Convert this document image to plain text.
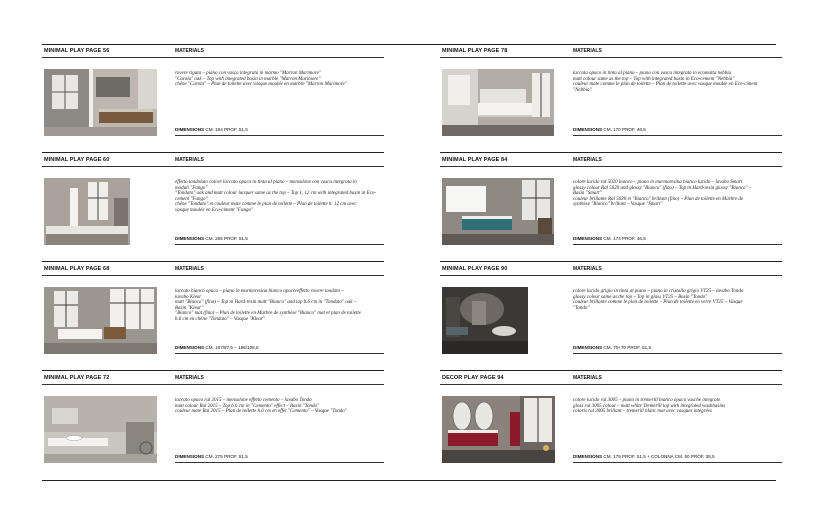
MINIMAL PLAY PAGE 56	MATERIALS
rovere rigata – piano con vasca integrata in marmo "Marron Marimore"
"Carola" oak – Top with integrated basin in marble "Marron Marimore"
chêne "Carola" – Plan de toilette avec vasque moulée en marbre "Marron Marimore"
DIMENSIONS CM. 194 PROF. 51,5
MINIMAL PLAY PAGE 60	MATERIALS
effetto tondolato colore laccato opaco in tinta al piano – mensolone con vasca integrata in
moduli "Fango"
"Tondato" oak and matt colour lacquer same as the top – Top 1, 12 cm with integrated basin in Eco-
cement "Fango"
chêne "Tondato" et couleur mate comme le plan de toilette – Plan de toilette h. 12 cm avec
vasque moulée en Eco-ciment "Fango"
DIMENSIONS CM. 265 PROF. 51,5
MINIMAL PLAY PAGE 68	MATERIALS
laccato bianco opaco – piano in marmoresina bianco opaco/effetto rovere tondato –
lavabo Klear
matt "Bianco" (fino) – Top in Hard-resin matt "Bianco" and top h.6 cm in "Tondato" oak –
Basin "Klear"
"Bianco" mat (fino) – Plan de toilette en Marbre de synthèse "Bianco" mat et plan de toilette
h.6 cm en chêne "Tondato" – Vasque "Klear"
DIMENSIONS CM. 167/87,5 – 195/108,5
MINIMAL PLAY PAGE 72	MATERIALS
laccato opaco ral 2015 – mensolone effetto cemento – lavabo Tondo
matt colour Ral 2015 – Top h.6 cm in "Cemento" effect – Basin "Tondo"
couleur mate Ral 2015 – Plan de toilette h.6 cm en effet "Cemento" – Vasque "Tondo"
DIMENSIONS CM. 275 PROF. 51,5
MINIMAL PLAY PAGE 78	MATERIALS
laccato opaco in tinta al piano – piano con vasca integrata in ecomalta nebbia
matt colour same as the top – Top with integrated basin in Eco-cement "Nebbia"
couleur mate comme le plan de toilette – Plan de toilette avec vasque moulée en Eco-ciment
"Nebbia"
DIMENSIONS CM. 170 PROF. 46,5
MINIMAL PLAY PAGE 84	MATERIALS
colore lucido ral 5020 bianco – piano in marmoresina bianco lucido – lavabo Smart
glossy colour Ral 5020 and glossy "Bianco" (fino) – Top in Hard-resin glossy "Bianco" –
Basin "Smart"
couleur brillante Ral 5020 et "Bianco" brillant (fino) – Plan de toilette en Marbre de
synthèse "Bianco" brillant – Vasque "Smart"
DIMENSIONS CM. 174 PROF. 46,5
MINIMAL PLAY PAGE 90	MATERIALS
colore lucido grigio in tinta al piano – piano in cristallo grigio VT25 – lavabo Tondo
glossy colour same as the top – Top in glass VT25 – Basin "Tondo"
couleur brillante comme le plan de toilette – Plan de toilette en verre VT25 – Vasque
"Tondo"
DIMENSIONS CM. 70+70 PROF. 51,5
DECOR PLAY PAGE 94	MATERIALS
colore lucido ral 3005 – piano in tremerill bianco opaco vasche integrate
gloss ral 3005 colour – matt white Tremerill top with integrated washbasins
coloris ral 3005 brillant – tremerill blanc mat avec vasques intégrées
DIMENSIONS CM. 175 PROF. 51,5 + COLONNA CM. 50 PROF. 36,5
